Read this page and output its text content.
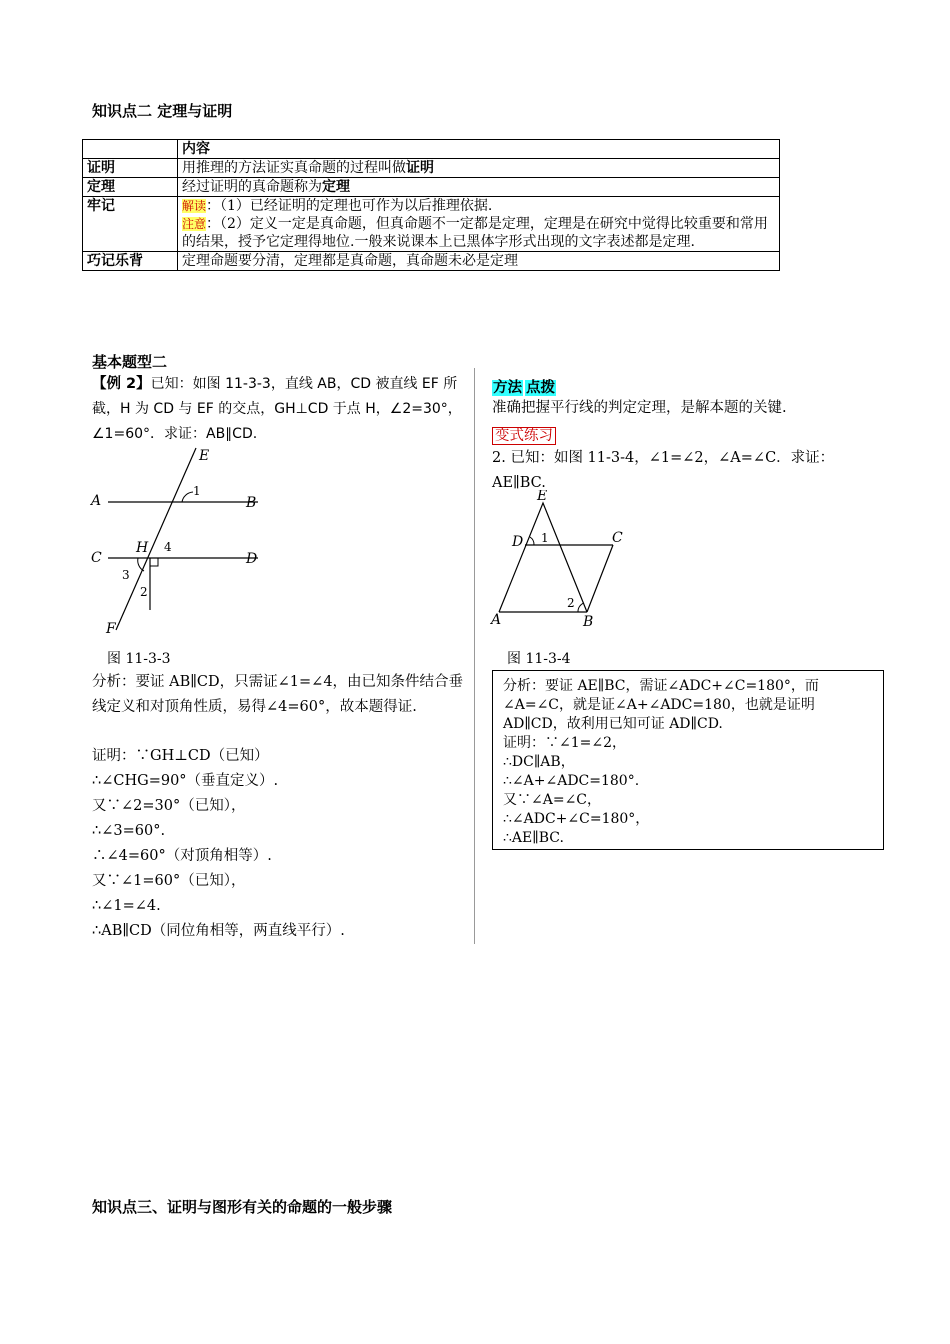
知识点二 定理与证明
	内容
证明	用推理的方法证实真命题的过程叫做证明
定理	经过证明的真命题称为定理
牢记	解读：（1）已经证明的定理也可作为以后推理依据.
注意：（2）定义一定是真命题，但真命题不一定都是定理，定理是在研究中觉得比较重要和常用的结果，授予它定理得地位.一般来说课本上已黑体字形式出现的文字表述都是定理.
巧记乐背	定理命题要分清，定理都是真命题，真命题未必是定理
基本题型二
【例 2】已知：如图 11-3-3，直线 AB，CD 被直线 EF 所截，H 为 CD 与 EF 的交点，GH⊥CD 于点 H，∠2=30°，∠1=60°．求证：AB∥CD.
E
A	B
C	D
F
H
1
2
3
4
图 11-3-3
分析：要证 AB∥CD，只需证∠1=∠4，由已知条件结合垂线定义和对顶角性质，易得∠4=60°，故本题得证.
证明：∵GH⊥CD（已知）
∴∠CHG=90°（垂直定义）.
又∵∠2=30°（已知），
∴∠3=60°.
∴∠4=60°（对顶角相等）.
又∵∠1=60°（已知），
∴∠1=∠4.
∴AB∥CD（同位角相等，两直线平行）.
方法 点拨
准确把握平行线的判定定理，是解本题的关键.
变式练习
2. 已知：如图 11-3-4，∠1=∠2，∠A=∠C．求证：AE∥BC.
E
D	C
A	B
1
2
图 11-3-4
分析：要证 AE∥BC，需证∠ADC+∠C=180°，而
∠A=∠C，就是证∠A+∠ADC=180，也就是证明
AD∥CD，故利用已知可证 AD∥CD.
证明：∵∠1=∠2，
∴DC∥AB，
∴∠A+∠ADC=180°.
又∵∠A=∠C，
∴∠ADC+∠C=180°，
∴AE∥BC.
知识点三、证明与图形有关的命题的一般步骤
